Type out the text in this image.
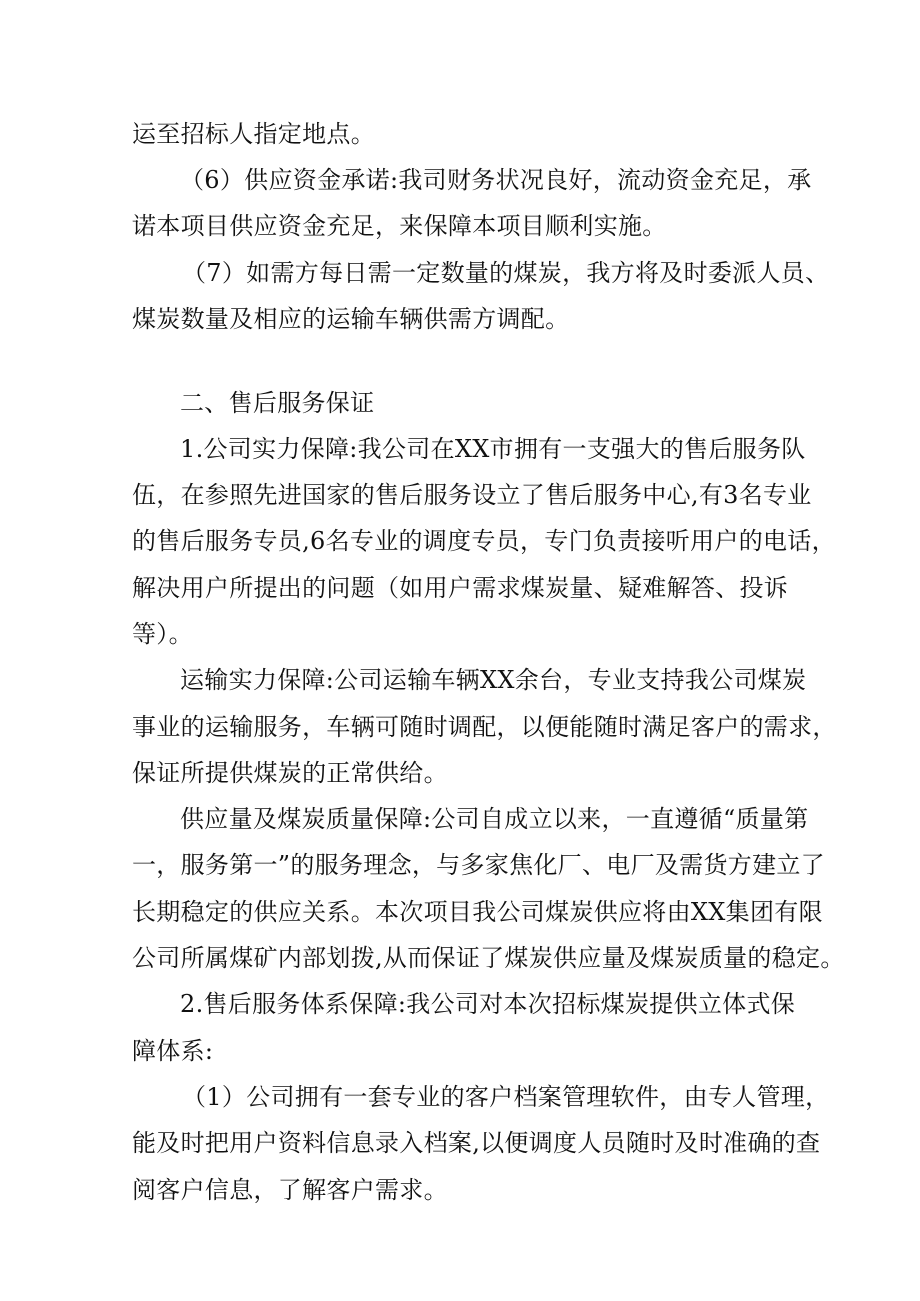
运至招标人指定地点。
（6）供应资金承诺:我司财务状况良好，流动资金充足，承
诺本项目供应资金充足，来保障本项目顺利实施。
（7）如需方每日需一定数量的煤炭，我方将及时委派人员、
煤炭数量及相应的运输车辆供需方调配。
二、售后服务保证
1.公司实力保障:我公司在XX市拥有一支强大的售后服务队
伍，在参照先进国家的售后服务设立了售后服务中心,有3名专业
的售后服务专员,6名专业的调度专员，专门负责接听用户的电话，
解决用户所提出的问题（如用户需求煤炭量、疑难解答、投诉
等）。
运输实力保障:公司运输车辆XX余台，专业支持我公司煤炭
事业的运输服务，车辆可随时调配，以便能随时满足客户的需求，
保证所提供煤炭的正常供给。
供应量及煤炭质量保障:公司自成立以来，一直遵循“质量第
一，服务第一”的服务理念，与多家焦化厂、电厂及需货方建立了
长期稳定的供应关系。本次项目我公司煤炭供应将由XX集团有限
公司所属煤矿内部划拨,从而保证了煤炭供应量及煤炭质量的稳定。
2.售后服务体系保障:我公司对本次招标煤炭提供立体式保
障体系:
（1）公司拥有一套专业的客户档案管理软件，由专人管理，
能及时把用户资料信息录入档案,以便调度人员随时及时准确的查
阅客户信息，了解客户需求。
